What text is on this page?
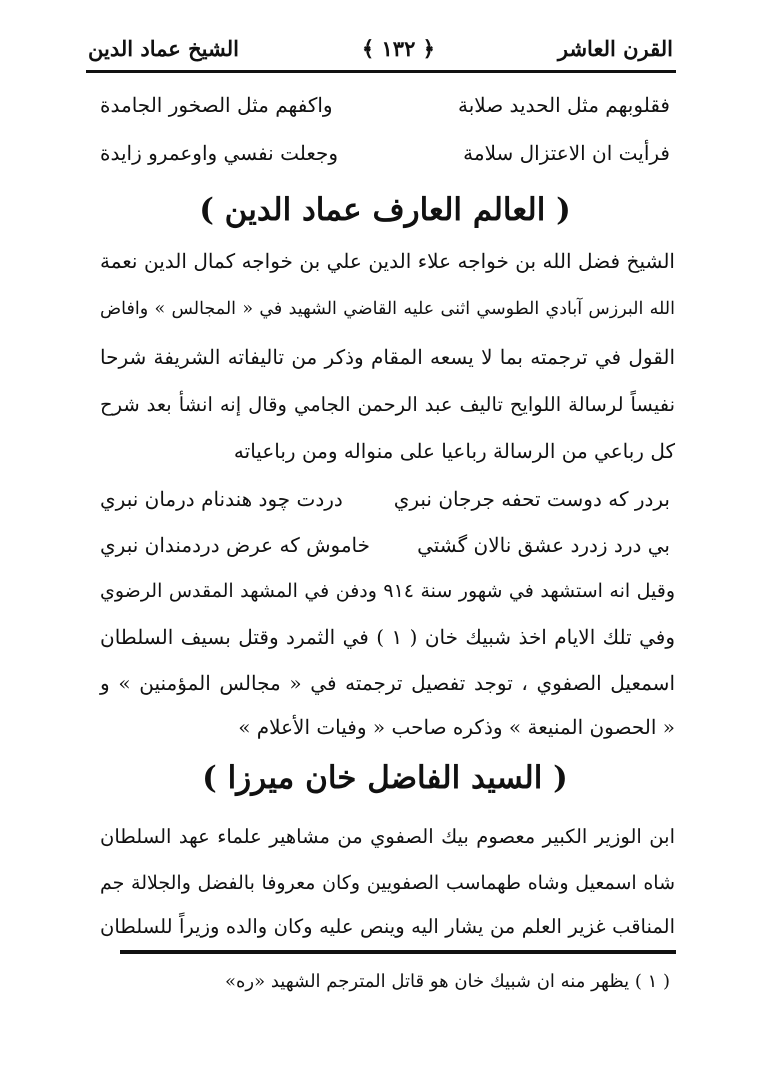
القرن العاشر
﴿ ١٣٢ ﴾
الشيخ عماد الدين
فقلوبهم مثل الحديد صلابة
واكفهم مثل الصخور الجامدة
فرأيت ان الاعتزال سلامة
وجعلت نفسي واوعمرو زايدة
( العالم العارف عماد الدين )
الشيخ فضل الله بن خواجه علاء الدين علي بن خواجه كمال الدين نعمة
الله البرزس آبادي الطوسي اثنى عليه القاضي الشهيد في « المجالس » وافاض
القول في ترجمته بما لا يسعه المقام وذكر من تاليفاته الشريفة شرحا
نفيساً لرسالة اللوايح تاليف عبد الرحمن الجامي وقال إنه انشأ بعد شرح
كل رباعي من الرسالة رباعيا على منواله ومن رباعياته
بردر كه دوست تحفه جرجان نبري
دردت چود هندنام درمان نبري
بي درد زدرد عشق نالان گشتي
خاموش كه عرض دردمندان نبري
وقيل انه استشهد في شهور سنة ٩١٤ ودفن في المشهد المقدس الرضوي
وفي تلك الايام اخذ شبيك خان ( ١ ) في الثمرد وقتل بسيف السلطان
اسمعيل الصفوي ، توجد تفصيل ترجمته في « مجالس المؤمنين » و
« الحصون المنيعة » وذكره صاحب « وفيات الأعلام »
( السيد الفاضل خان ميرزا )
ابن الوزير الكبير معصوم بيك الصفوي من مشاهير علماء عهد السلطان
شاه اسمعيل وشاه طهماسب الصفويين وكان معروفا بالفضل والجلالة جم
المناقب غزير العلم من يشار اليه وينص عليه وكان والده وزيراً للسلطان
( ١ ) يظهر منه ان شبيك خان هو قاتل المترجم الشهيد «ره»
